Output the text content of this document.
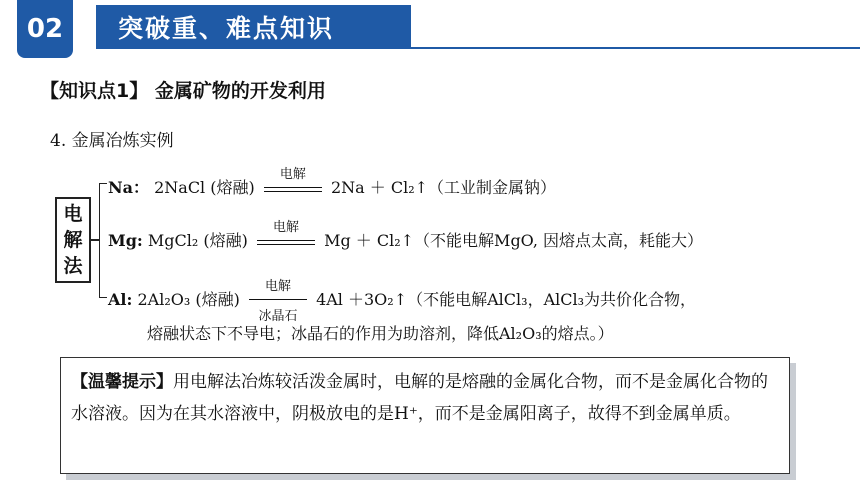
02	突破重、难点知识
【知识点1】 金属矿物的开发利用
4. 金属冶炼实例
电
解
法
Na： 2NaCl (熔融)
电解
2Na ＋ Cl₂↑（工业制金属钠）
Mg: MgCl₂ (熔融)
电解
Mg ＋ Cl₂↑（不能电解MgO, 因熔点太高，耗能大）
Al: 2Al₂O₃ (熔融)
电解
冰晶石
4Al ＋3O₂↑（不能电解AlCl₃，AlCl₃为共价化合物，
熔融状态下不导电；冰晶石的作用为助溶剂，降低Al₂O₃的熔点。）
【温馨提示】用电解法冶炼较活泼金属时，电解的是熔融的金属化合物，而不是金属化合物的水溶液。因为在其水溶液中，阴极放电的是H⁺，而不是金属阳离子，故得不到金属单质。
